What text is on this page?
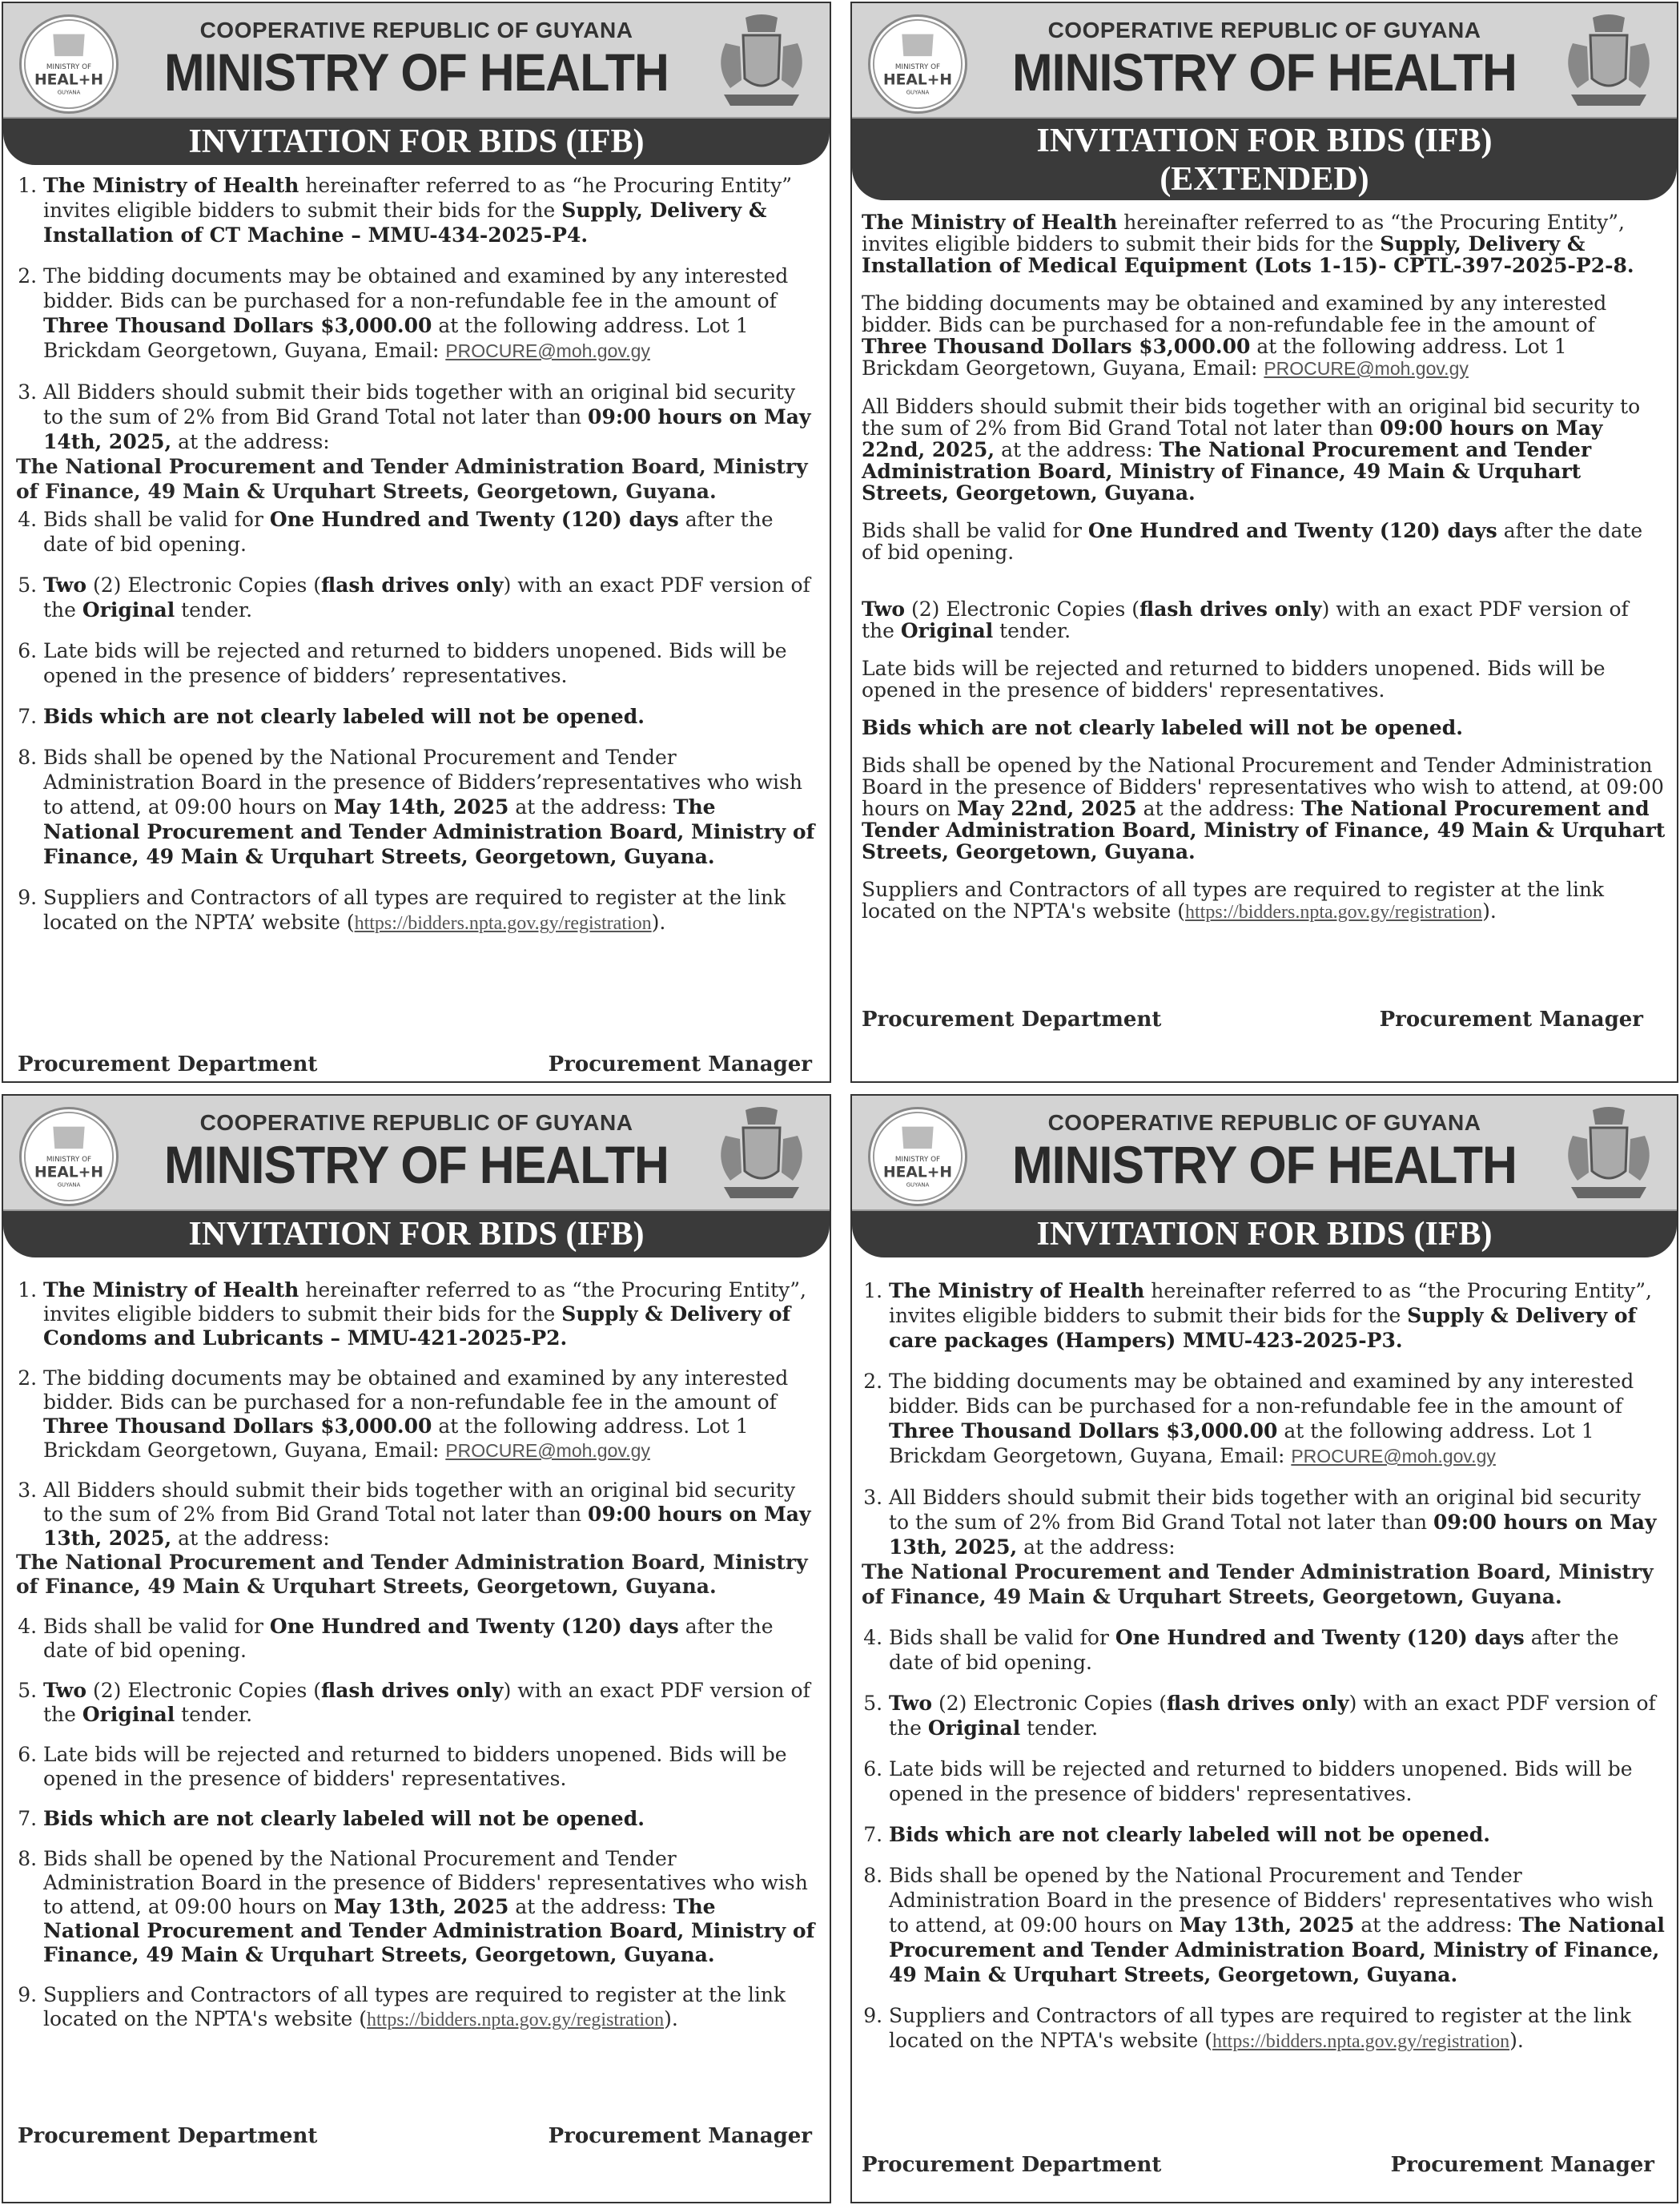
MINISTRY OF
HEAL+H
GUYANA
COOPERATIVE REPUBLIC OF GUYANA
MINISTRY OF HEALTH
INVITATION FOR BIDS (IFB)
1. The Ministry of Health hereinafter referred to as “he Procuring Entity” invites eligible bidders to submit their bids for the Supply, Delivery & Installation of CT Machine – MMU-434-2025-P4.
2. The bidding documents may be obtained and examined by any interested bidder. Bids can be purchased for a non-refundable fee in the amount of Three Thousand Dollars $3,000.00 at the following address. Lot 1 Brickdam Georgetown, Guyana, Email: PROCURE@moh.gov.gy
3. All Bidders should submit their bids together with an original bid security to the sum of 2% from Bid Grand Total not later than 09:00 hours on May 14th, 2025, at the address:
The National Procurement and Tender Administration Board, Ministry of Finance, 49 Main & Urquhart Streets, Georgetown, Guyana.
4. Bids shall be valid for One Hundred and Twenty (120) days after the date of bid opening.
5. Two (2) Electronic Copies (flash drives only) with an exact PDF version of the Original tender.
6. Late bids will be rejected and returned to bidders unopened. Bids will be opened in the presence of bidders’ representatives.
7. Bids which are not clearly labeled will not be opened.
8. Bids shall be opened by the National Procurement and Tender Administration Board in the presence of Bidders’representatives who wish to attend, at 09:00 hours on May 14th, 2025 at the address: The National Procurement and Tender Administration Board, Ministry of Finance, 49 Main & Urquhart Streets, Georgetown, Guyana.
9. Suppliers and Contractors of all types are required to register at the link located on the NPTA’ website (https://bidders.npta.gov.gy/registration).
Procurement Department	Procurement Manager
MINISTRY OF
HEAL+H
GUYANA
COOPERATIVE REPUBLIC OF GUYANA
MINISTRY OF HEALTH
INVITATION FOR BIDS (IFB)
(EXTENDED)

The Ministry of Health hereinafter referred to as “the Procuring Entity”, invites eligible bidders to submit their bids for the Supply, Delivery & Installation of Medical Equipment (Lots 1-15)- CPTL-397-2025-P2-8.

The bidding documents may be obtained and examined by any interested bidder. Bids can be purchased for a non-refundable fee in the amount of Three Thousand Dollars $3,000.00 at the following address. Lot 1 Brickdam Georgetown, Guyana, Email: PROCURE@moh.gov.gy

All Bidders should submit their bids together with an original bid security to the sum of 2% from Bid Grand Total not later than 09:00 hours on May 22nd, 2025, at the address: The National Procurement and Tender Administration Board, Ministry of Finance, 49 Main & Urquhart Streets, Georgetown, Guyana.

Bids shall be valid for One Hundred and Twenty (120) days after the date of bid opening.

Two (2) Electronic Copies (flash drives only) with an exact PDF version of the Original tender.

Late bids will be rejected and returned to bidders unopened. Bids will be opened in the presence of bidders' representatives.

Bids which are not clearly labeled will not be opened.

Bids shall be opened by the National Procurement and Tender Administration Board in the presence of Bidders' representatives who wish to attend, at 09:00 hours on May 22nd, 2025 at the address: The National Procurement and Tender Administration Board, Ministry of Finance, 49 Main & Urquhart Streets, Georgetown, Guyana.

Suppliers and Contractors of all types are required to register at the link located on the NPTA's website (https://bidders.npta.gov.gy/registration).

Procurement Department	Procurement Manager
MINISTRY OF
HEAL+H
GUYANA
COOPERATIVE REPUBLIC OF GUYANA
MINISTRY OF HEALTH
INVITATION FOR BIDS (IFB)
1. The Ministry of Health hereinafter referred to as “the Procuring Entity”, invites eligible bidders to submit their bids for the Supply & Delivery of Condoms and Lubricants – MMU-421-2025-P2.
2. The bidding documents may be obtained and examined by any interested bidder. Bids can be purchased for a non-refundable fee in the amount of Three Thousand Dollars $3,000.00 at the following address. Lot 1 Brickdam Georgetown, Guyana, Email: PROCURE@moh.gov.gy
3. All Bidders should submit their bids together with an original bid security to the sum of 2% from Bid Grand Total not later than 09:00 hours on May 13th, 2025, at the address:
The National Procurement and Tender Administration Board, Ministry of Finance, 49 Main & Urquhart Streets, Georgetown, Guyana.
4. Bids shall be valid for One Hundred and Twenty (120) days after the date of bid opening.
5. Two (2) Electronic Copies (flash drives only) with an exact PDF version of the Original tender.
6. Late bids will be rejected and returned to bidders unopened. Bids will be opened in the presence of bidders' representatives.
7. Bids which are not clearly labeled will not be opened.
8. Bids shall be opened by the National Procurement and Tender Administration Board in the presence of Bidders' representatives who wish to attend, at 09:00 hours on May 13th, 2025 at the address: The National Procurement and Tender Administration Board, Ministry of Finance, 49 Main & Urquhart Streets, Georgetown, Guyana.
9. Suppliers and Contractors of all types are required to register at the link located on the NPTA's website (https://bidders.npta.gov.gy/registration).
Procurement Department	Procurement Manager
MINISTRY OF
HEAL+H
GUYANA
COOPERATIVE REPUBLIC OF GUYANA
MINISTRY OF HEALTH
INVITATION FOR BIDS (IFB)
1. The Ministry of Health hereinafter referred to as “the Procuring Entity”, invites eligible bidders to submit their bids for the Supply & Delivery of care packages (Hampers) MMU-423-2025-P3.
2. The bidding documents may be obtained and examined by any interested bidder. Bids can be purchased for a non-refundable fee in the amount of Three Thousand Dollars $3,000.00 at the following address. Lot 1 Brickdam Georgetown, Guyana, Email: PROCURE@moh.gov.gy
3. All Bidders should submit their bids together with an original bid security to the sum of 2% from Bid Grand Total not later than 09:00 hours on May 13th, 2025, at the address:
The National Procurement and Tender Administration Board, Ministry of Finance, 49 Main & Urquhart Streets, Georgetown, Guyana.
4. Bids shall be valid for One Hundred and Twenty (120) days after the date of bid opening.
5. Two (2) Electronic Copies (flash drives only) with an exact PDF version of the Original tender.
6. Late bids will be rejected and returned to bidders unopened. Bids will be opened in the presence of bidders' representatives.
7. Bids which are not clearly labeled will not be opened.
8. Bids shall be opened by the National Procurement and Tender Administration Board in the presence of Bidders' representatives who wish to attend, at 09:00 hours on May 13th, 2025 at the address: The National Procurement and Tender Administration Board, Ministry of Finance, 49 Main & Urquhart Streets, Georgetown, Guyana.
9. Suppliers and Contractors of all types are required to register at the link located on the NPTA's website (https://bidders.npta.gov.gy/registration).
Procurement Department	Procurement Manager
